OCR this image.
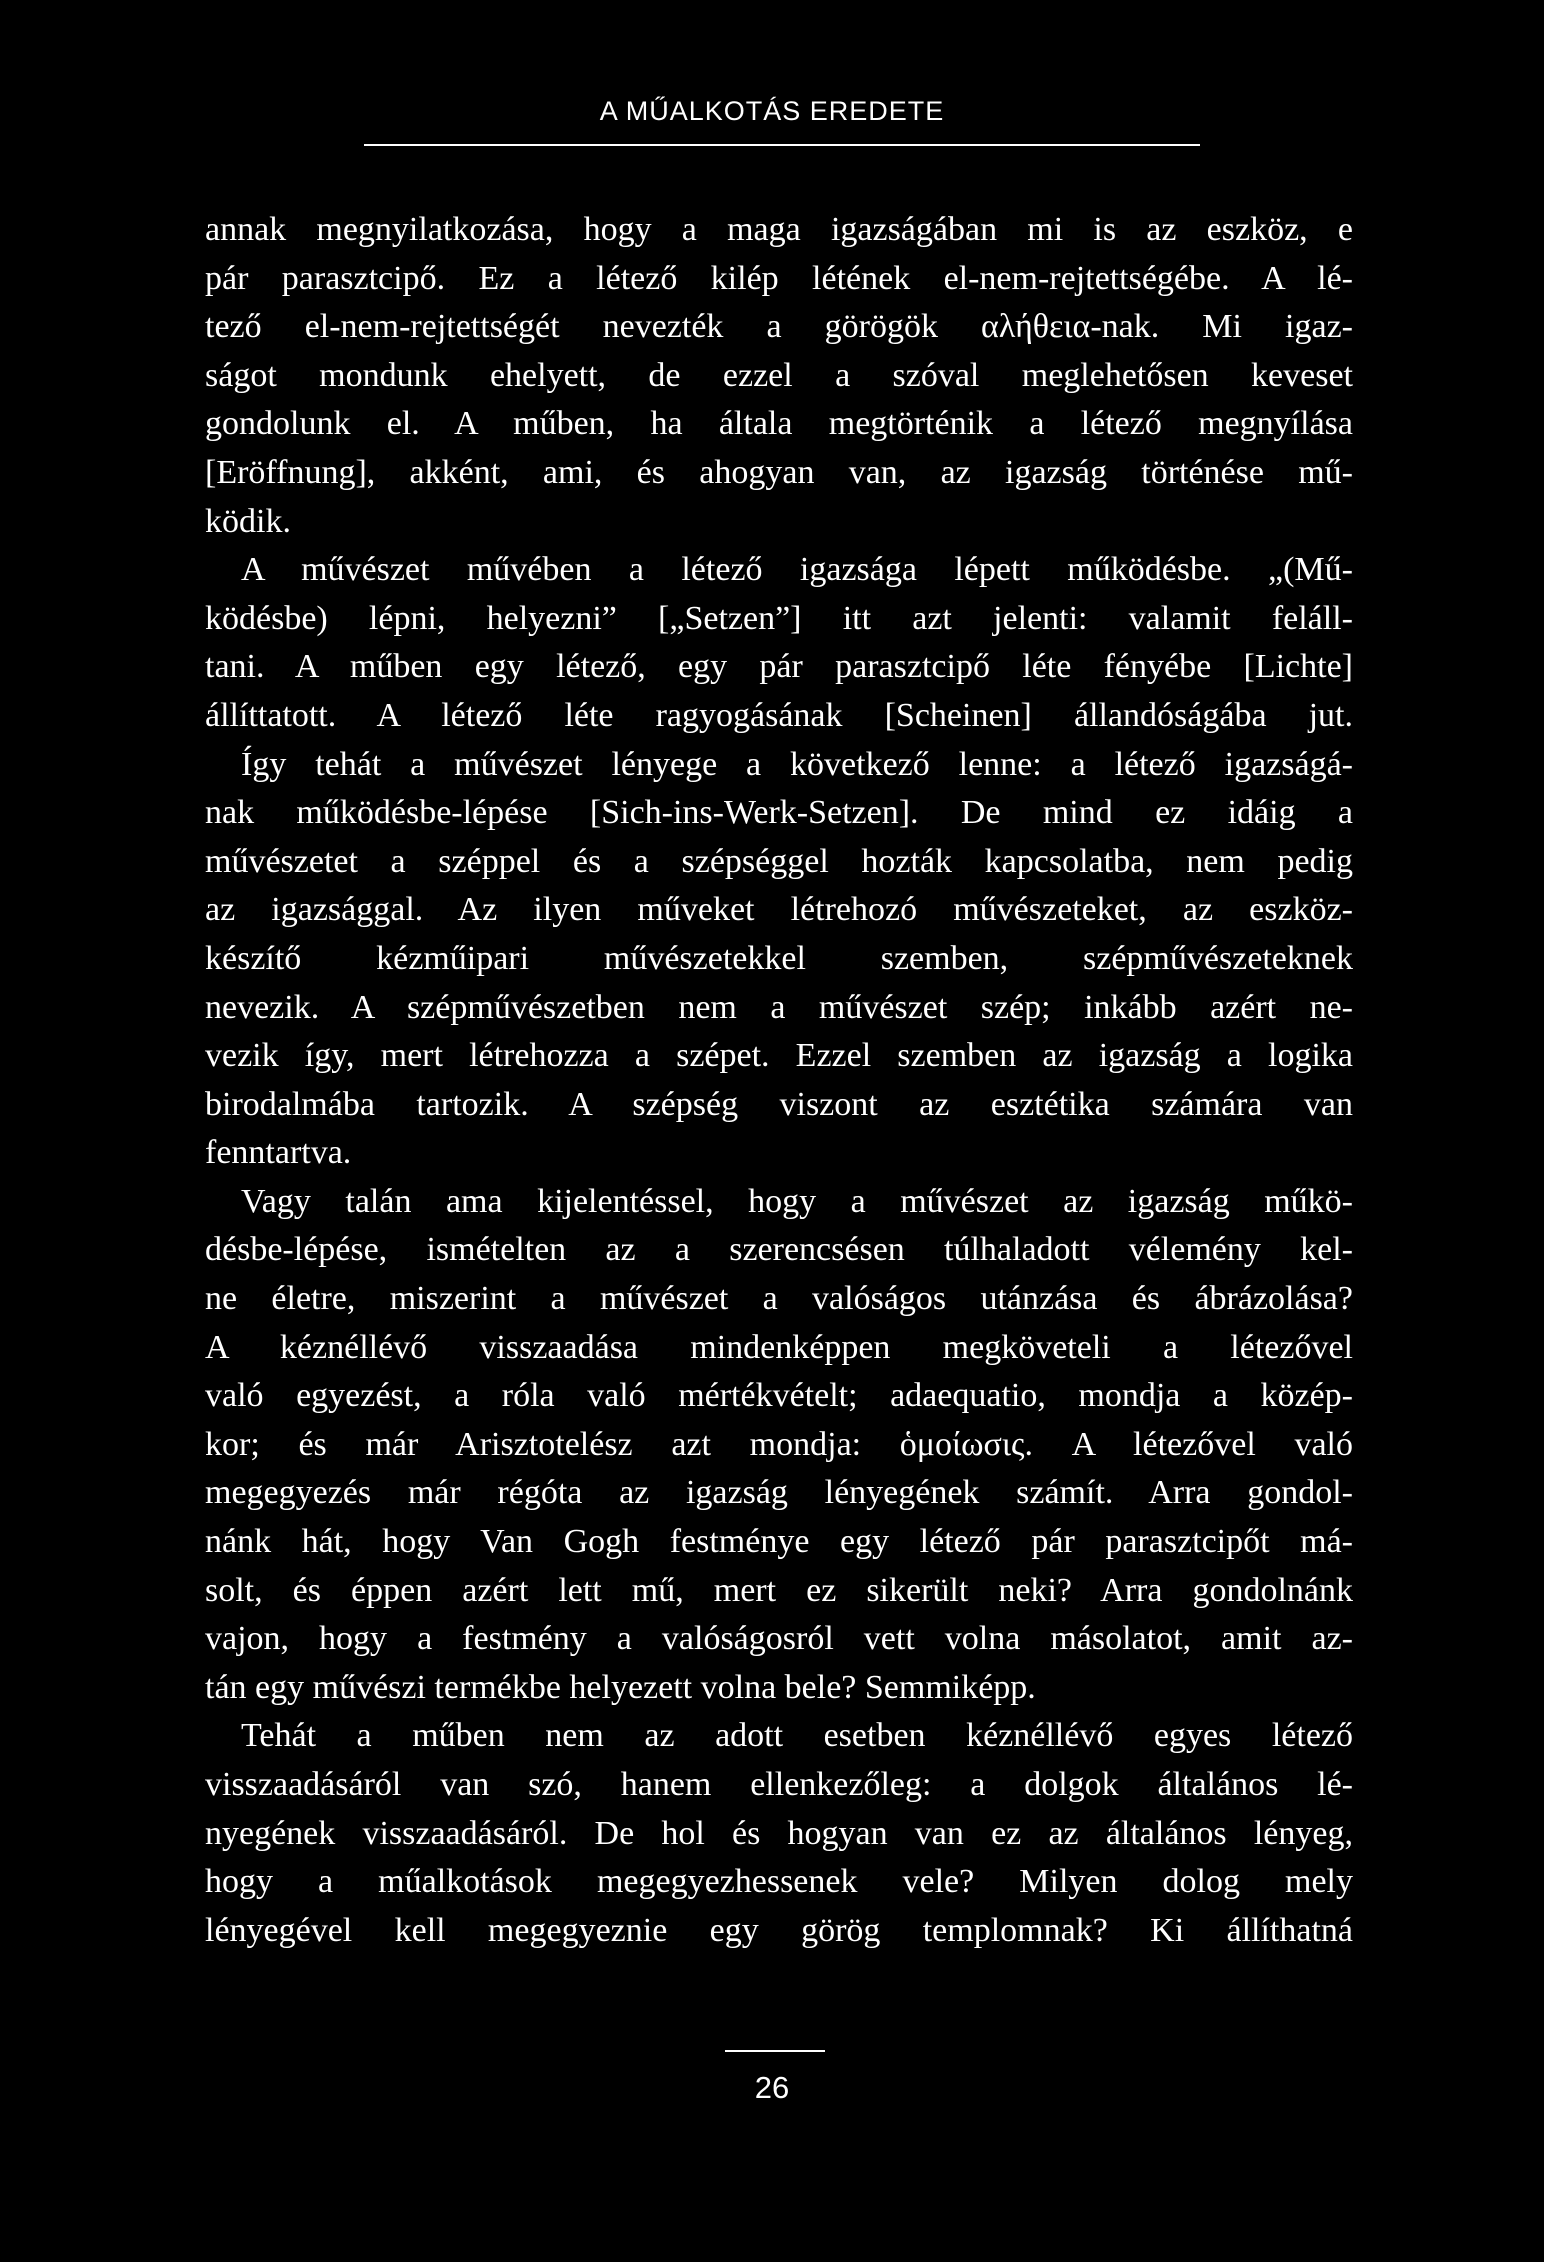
A MŰALKOTÁS EREDETE
annak megnyilatkozása, hogy a maga igazságában mi is az eszköz, e
pár parasztcipő. Ez a létező kilép létének el-nem-rejtettségébe. A lé-
tező el-nem-rejtettségét nevezték a görögök αλήθεια-nak. Mi igaz-
ságot mondunk ehelyett, de ezzel a szóval meglehetősen keveset
gondolunk el. A műben, ha általa megtörténik a létező megnyílása
[Eröffnung], akként, ami, és ahogyan van, az igazság történése mű-
ködik.
A művészet művében a létező igazsága lépett működésbe. „(Mű-
ködésbe) lépni, helyezni” [„Setzen”] itt azt jelenti: valamit feláll-
tani. A műben egy létező, egy pár parasztcipő léte fényébe [Lichte]
állíttatott. A létező léte ragyogásának [Scheinen] állandóságába jut.
Így tehát a művészet lényege a következő lenne: a létező igazságá-
nak működésbe-lépése [Sich-ins-Werk-Setzen]. De mind ez idáig a
művészetet a széppel és a szépséggel hozták kapcsolatba, nem pedig
az igazsággal. Az ilyen műveket létrehozó művészeteket, az eszköz-
készítő kézműipari művészetekkel szemben, szépművészeteknek
nevezik. A szépművészetben nem a művészet szép; inkább azért ne-
vezik így, mert létrehozza a szépet. Ezzel szemben az igazság a logika
birodalmába tartozik. A szépség viszont az esztétika számára van
fenntartva.
Vagy talán ama kijelentéssel, hogy a művészet az igazság műkö-
désbe-lépése, ismételten az a szerencsésen túlhaladott vélemény kel-
ne életre, miszerint a művészet a valóságos utánzása és ábrázolása?
A kéznéllévő visszaadása mindenképpen megköveteli a létezővel
való egyezést, a róla való mértékvételt; adaequatio, mondja a közép-
kor; és már Arisztotelész azt mondja: ὁμοίωσις. A létezővel való
megegyezés már régóta az igazság lényegének számít. Arra gondol-
nánk hát, hogy Van Gogh festménye egy létező pár parasztcipőt má-
solt, és éppen azért lett mű, mert ez sikerült neki? Arra gondolnánk
vajon, hogy a festmény a valóságosról vett volna másolatot, amit az-
tán egy művészi termékbe helyezett volna bele? Semmiképp.
Tehát a műben nem az adott esetben kéznéllévő egyes létező
visszaadásáról van szó, hanem ellenkezőleg: a dolgok általános lé-
nyegének visszaadásáról. De hol és hogyan van ez az általános lényeg,
hogy a műalkotások megegyezhessenek vele? Milyen dolog mely
lényegével kell megegyeznie egy görög templomnak? Ki állíthatná
26
